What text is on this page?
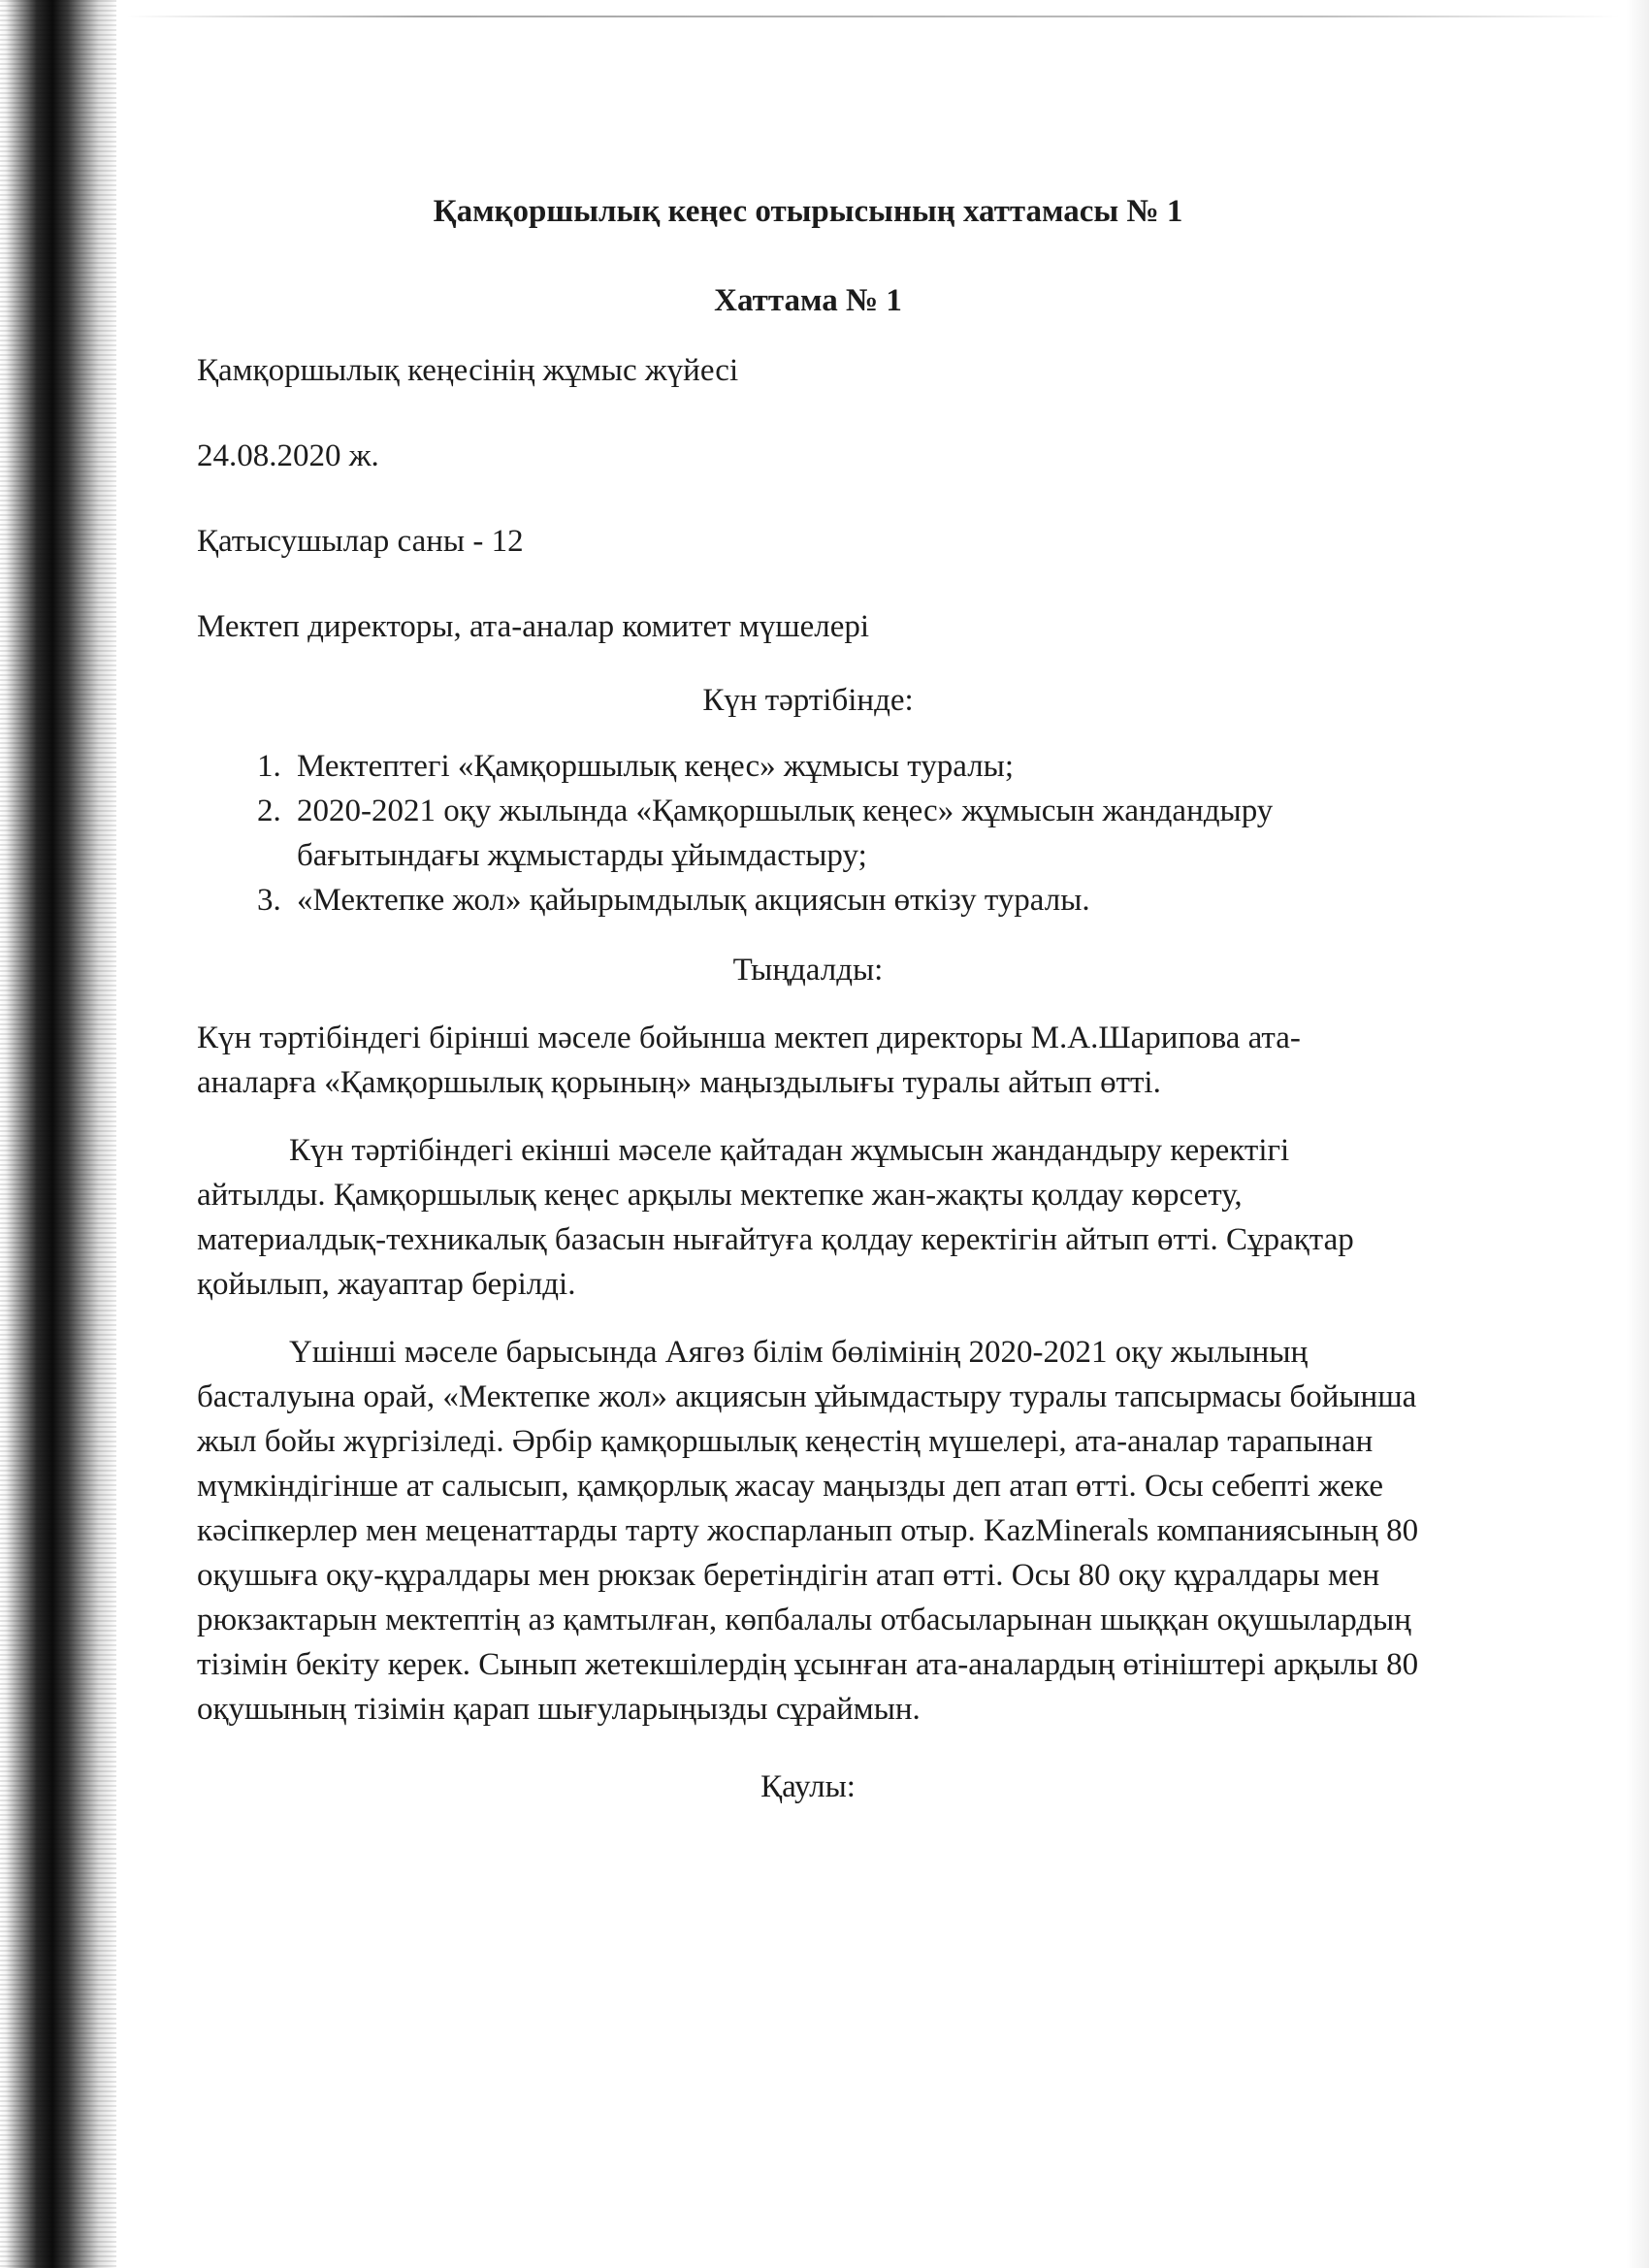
Қамқоршылық кеңес отырысының хаттамасы № 1

Хаттама № 1

Қамқоршылық кеңесінің жұмыс жүйесі

24.08.2020 ж.

Қатысушылар саны - 12

Мектеп директоры, ата-аналар комитет мүшелері

Күн тәртібінде:

1. Мектептегі «Қамқоршылық кеңес» жұмысы туралы;
2. 2020-2021 оқу жылында «Қамқоршылық кеңес» жұмысын жандандыру бағытындағы жұмыстарды ұйымдастыру;
3. «Мектепке жол» қайырымдылық акциясын өткізу туралы.

Тыңдалды:

Күн тәртібіндегі бірінші мәселе бойынша мектеп директоры М.А.Шарипова ата-аналарға «Қамқоршылық қорының» маңыздылығы туралы айтып өтті.

Күн тәртібіндегі екінші мәселе қайтадан жұмысын жандандыру керектігі айтылды. Қамқоршылық кеңес арқылы мектепке жан-жақты қолдау көрсету, материалдық-техникалық базасын нығайтуға қолдау керектігін айтып өтті. Сұрақтар қойылып, жауаптар берілді.

Үшінші мәселе барысында Аягөз білім бөлімінің 2020-2021 оқу жылының басталуына орай, «Мектепке жол» акциясын ұйымдастыру туралы тапсырмасы бойынша жыл бойы жүргізіледі. Әрбір қамқоршылық кеңестің мүшелері, ата-аналар тарапынан мүмкіндігінше ат салысып, қамқорлық жасау маңызды деп атап өтті. Осы себепті жеке кәсіпкерлер мен меценаттарды тарту жоспарланып отыр. KazMinerals компаниясының 80 оқушыға оқу-құралдары мен рюкзак беретіндігін атап өтті. Осы 80 оқу құралдары мен рюкзактарын мектептің аз қамтылған, көпбалалы отбасыларынан шыққан оқушылардың тізімін бекіту керек. Сынып жетекшілердің ұсынған ата-аналардың өтініштері арқылы 80 оқушының тізімін қарап шығуларыңызды сұраймын.

Қаулы:
